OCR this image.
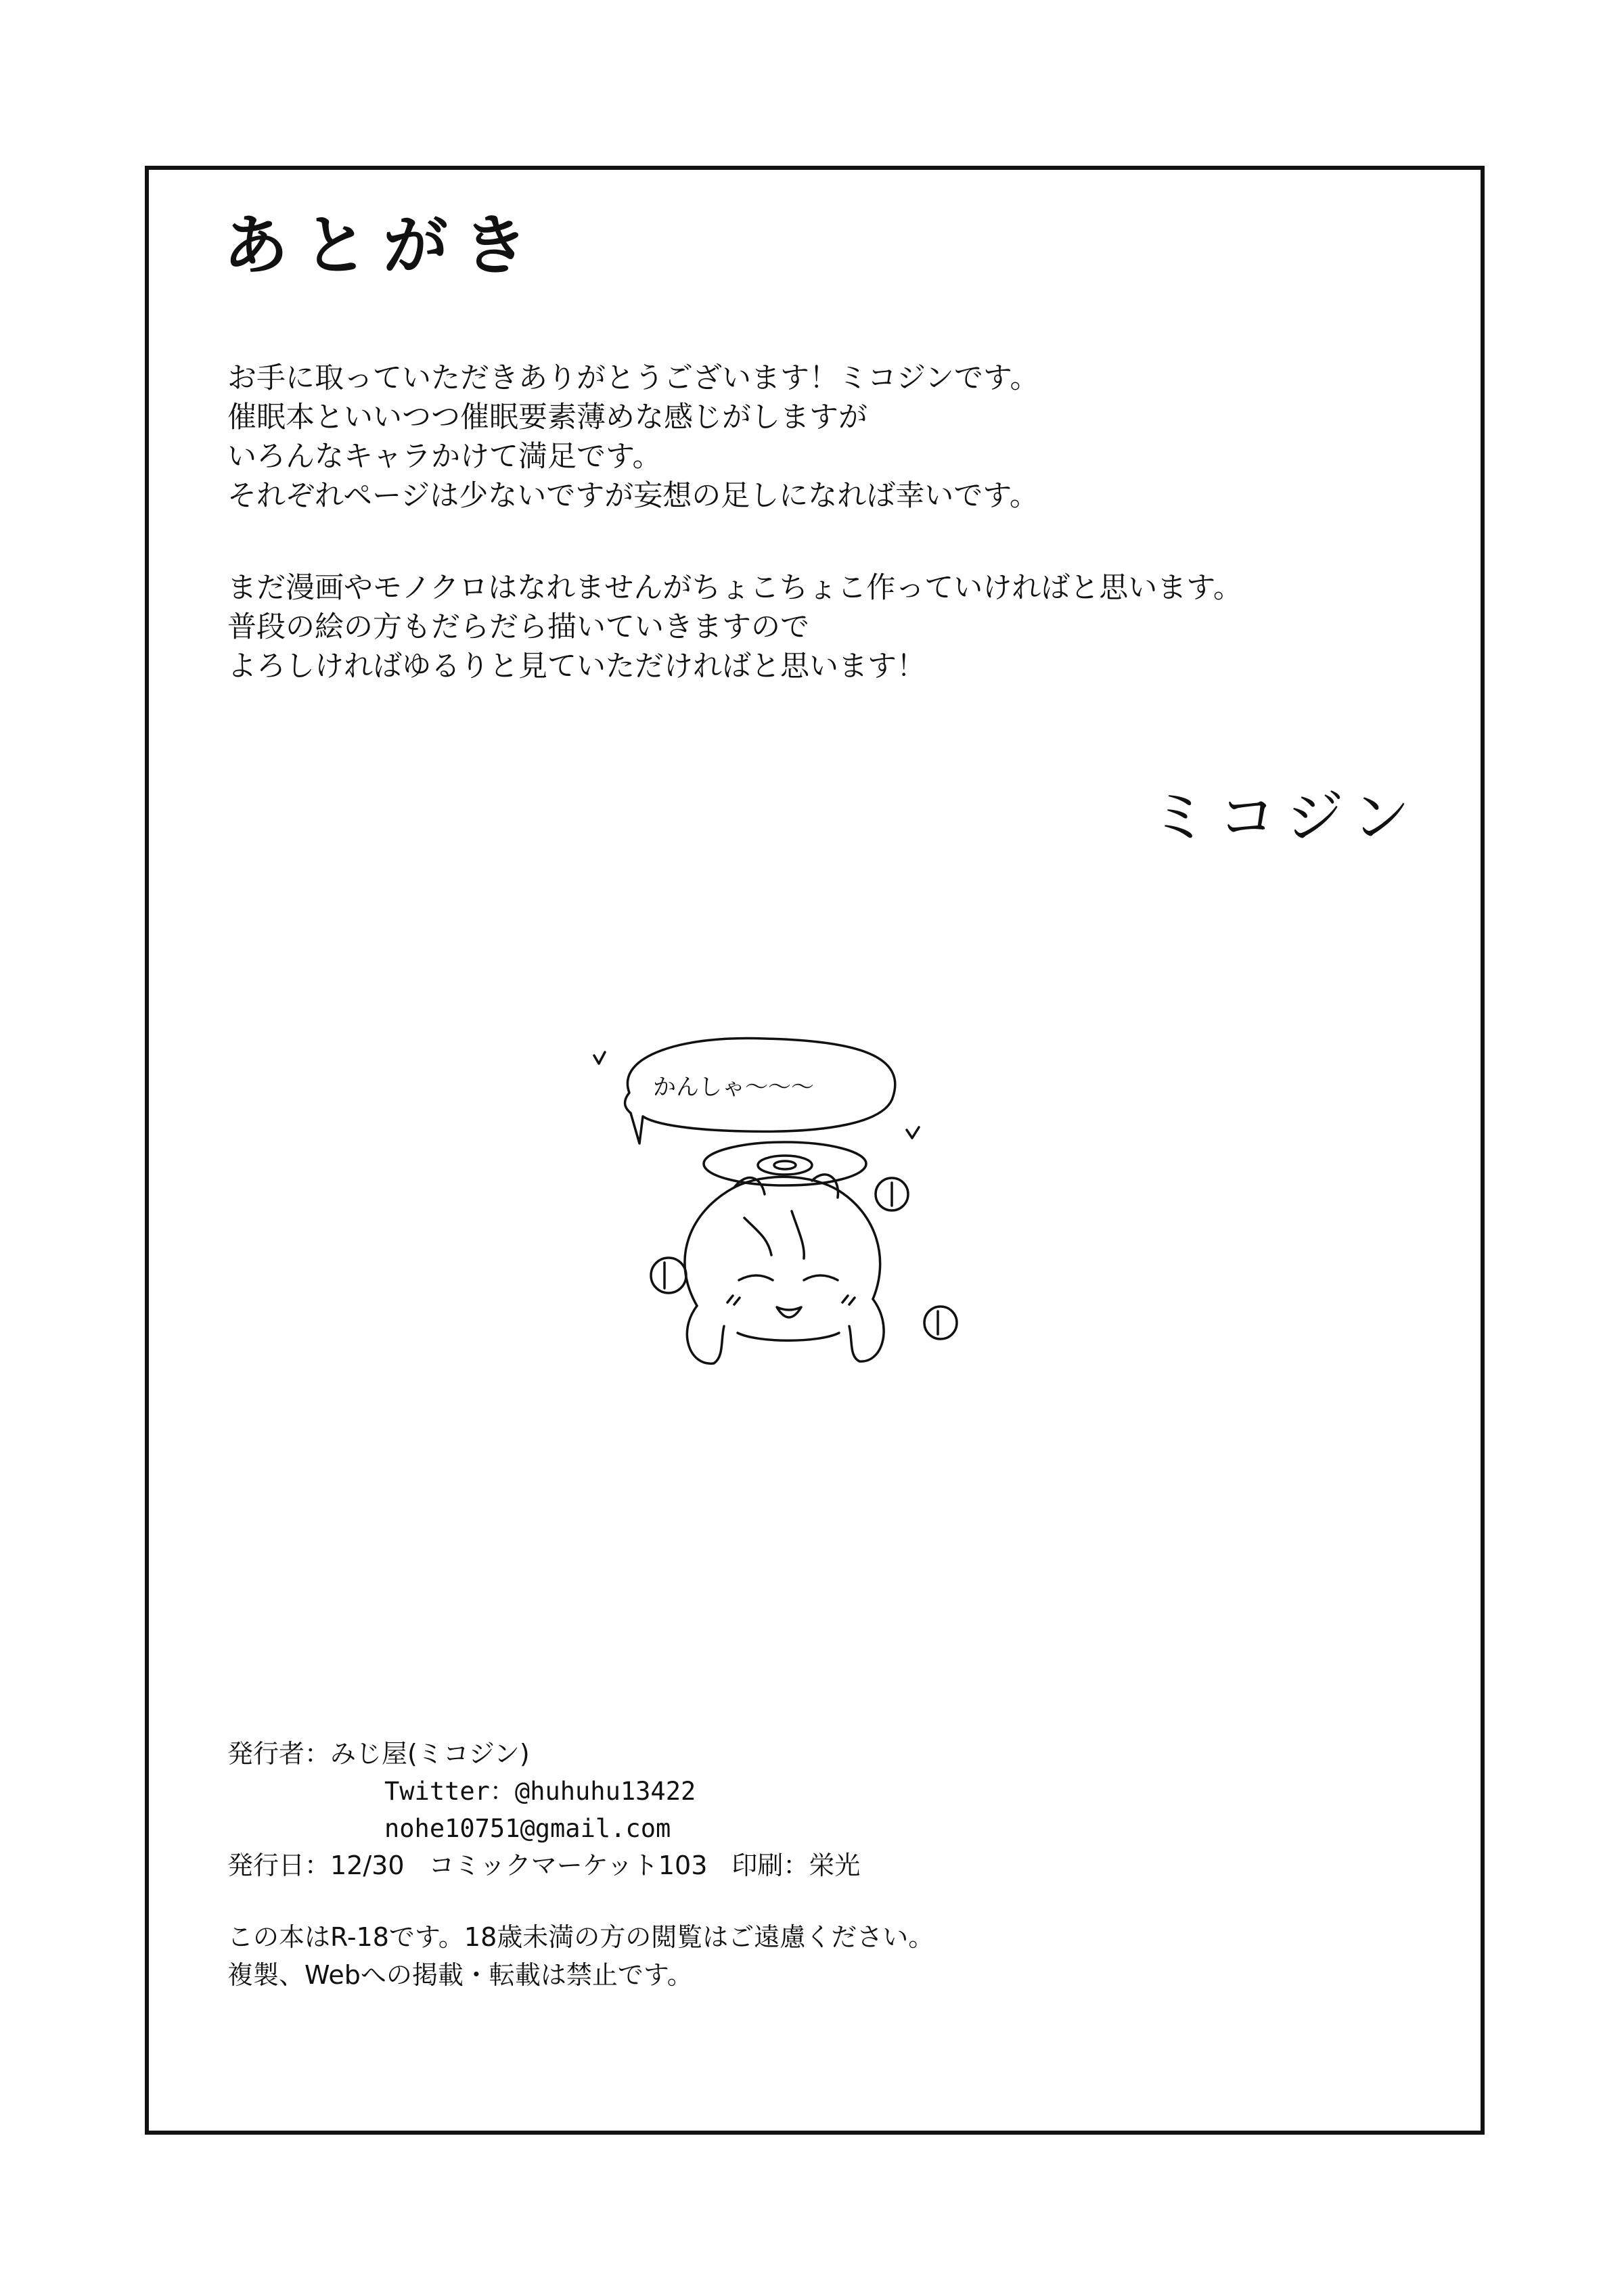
あとがき
お手に取っていただきありがとうございます！ミコジンです。
催眠本といいつつ催眠要素薄めな感じがしますが
いろんなキャラかけて満足です。
それぞれページは少ないですが妄想の足しになれば幸いです。
まだ漫画やモノクロはなれませんがちょこちょこ作っていければと思います。
普段の絵の方もだらだら描いていきますので
よろしければゆるりと見ていただければと思います！
ミコジン
かんしゃ〜〜〜
発行者：みじ屋(ミコジン)
Twitter：@huhuhu13422
nohe10751@gmail.com
発行日：12/30 コミックマーケット103 印刷：栄光
この本はR-18です。18歳未満の方の閲覧はご遠慮ください。
複製、Webへの掲載・転載は禁止です。
